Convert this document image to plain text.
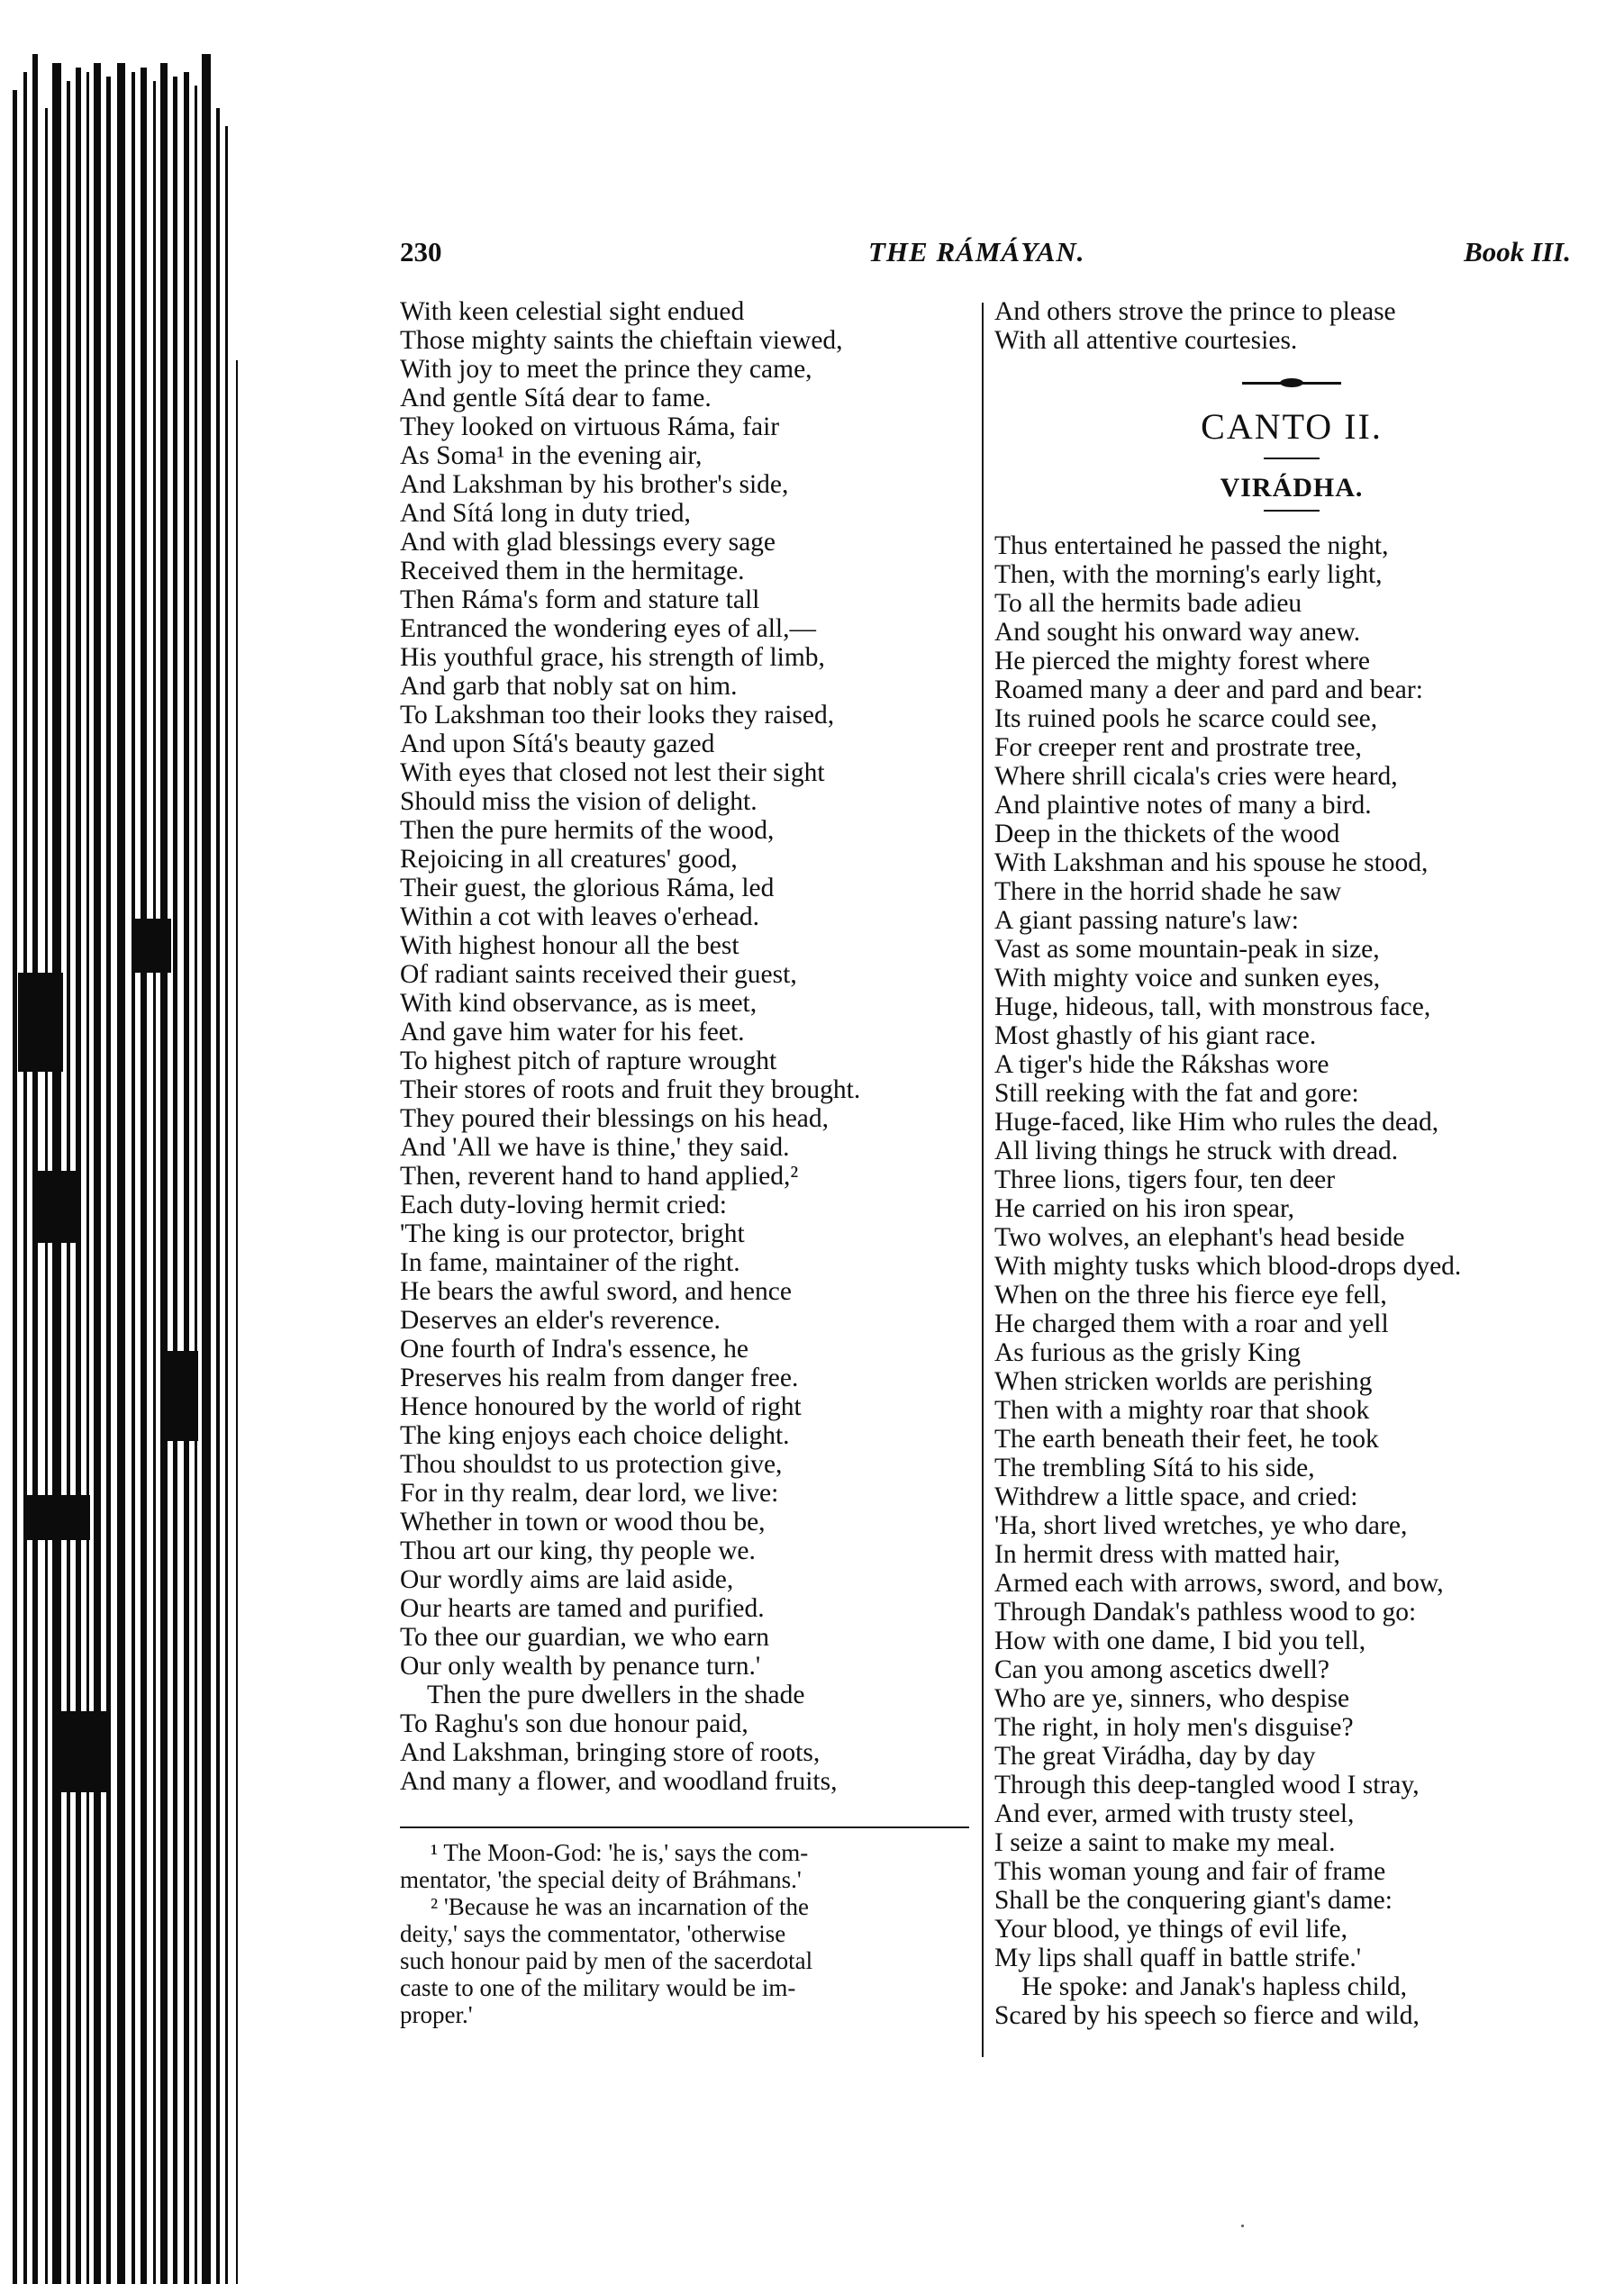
230	THE RÁMÁYAN.	Book III.
With keen celestial sight endued
Those mighty saints the chieftain viewed,
With joy to meet the prince they came,
And gentle Sítá dear to fame.
They looked on virtuous Ráma, fair
As Soma¹ in the evening air,
And Lakshman by his brother's side,
And Sítá long in duty tried,
And with glad blessings every sage
Received them in the hermitage.
Then Ráma's form and stature tall
Entranced the wondering eyes of all,—
His youthful grace, his strength of limb,
And garb that nobly sat on him.
To Lakshman too their looks they raised,
And upon Sítá's beauty gazed
With eyes that closed not lest their sight
Should miss the vision of delight.
Then the pure hermits of the wood,
Rejoicing in all creatures' good,
Their guest, the glorious Ráma, led
Within a cot with leaves o'erhead.
With highest honour all the best
Of radiant saints received their guest,
With kind observance, as is meet,
And gave him water for his feet.
To highest pitch of rapture wrought
Their stores of roots and fruit they brought.
They poured their blessings on his head,
And 'All we have is thine,' they said.
Then, reverent hand to hand applied,²
Each duty-loving hermit cried:
'The king is our protector, bright
In fame, maintainer of the right.
He bears the awful sword, and hence
Deserves an elder's reverence.
One fourth of Indra's essence, he
Preserves his realm from danger free.
Hence honoured by the world of right
The king enjoys each choice delight.
Thou shouldst to us protection give,
For in thy realm, dear lord, we live:
Whether in town or wood thou be,
Thou art our king, thy people we.
Our wordly aims are laid aside,
Our hearts are tamed and purified.
To thee our guardian, we who earn
Our only wealth by penance turn.'
Then the pure dwellers in the shade
To Raghu's son due honour paid,
And Lakshman, bringing store of roots,
And many a flower, and woodland fruits,
And others strove the prince to please
With all attentive courtesies.
CANTO II.
VIRÁDHA.
Thus entertained he passed the night,
Then, with the morning's early light,
To all the hermits bade adieu
And sought his onward way anew.
He pierced the mighty forest where
Roamed many a deer and pard and bear:
Its ruined pools he scarce could see,
For creeper rent and prostrate tree,
Where shrill cicala's cries were heard,
And plaintive notes of many a bird.
Deep in the thickets of the wood
With Lakshman and his spouse he stood,
There in the horrid shade he saw
A giant passing nature's law:
Vast as some mountain-peak in size,
With mighty voice and sunken eyes,
Huge, hideous, tall, with monstrous face,
Most ghastly of his giant race.
A tiger's hide the Rákshas wore
Still reeking with the fat and gore:
Huge-faced, like Him who rules the dead,
All living things he struck with dread.
Three lions, tigers four, ten deer
He carried on his iron spear,
Two wolves, an elephant's head beside
With mighty tusks which blood-drops dyed.
When on the three his fierce eye fell,
He charged them with a roar and yell
As furious as the grisly King
When stricken worlds are perishing
Then with a mighty roar that shook
The earth beneath their feet, he took
The trembling Sítá to his side,
Withdrew a little space, and cried:
'Ha, short lived wretches, ye who dare,
In hermit dress with matted hair,
Armed each with arrows, sword, and bow,
Through Dandak's pathless wood to go:
How with one dame, I bid you tell,
Can you among ascetics dwell?
Who are ye, sinners, who despise
The right, in holy men's disguise?
The great Virádha, day by day
Through this deep-tangled wood I stray,
And ever, armed with trusty steel,
I seize a saint to make my meal.
This woman young and fair of frame
Shall be the conquering giant's dame:
Your blood, ye things of evil life,
My lips shall quaff in battle strife.'
He spoke: and Janak's hapless child,
Scared by his speech so fierce and wild,
¹ The Moon-God: 'he is,' says the com-
mentator, 'the special deity of Bráhmans.'
² 'Because he was an incarnation of the
deity,' says the commentator, 'otherwise
such honour paid by men of the sacerdotal
caste to one of the military would be im-
proper.'
